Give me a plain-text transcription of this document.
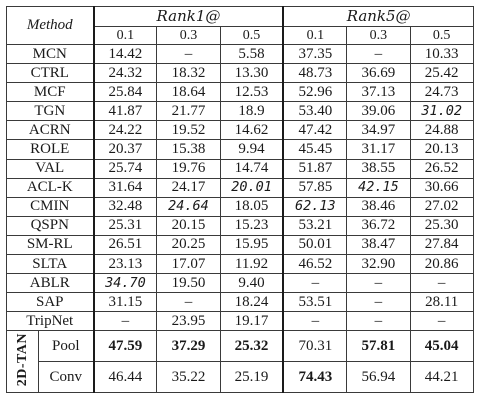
Method		Rank1@			Rank5@		
		0.1	0.3	0.5	0.1	0.3	0.5
MCN		14.42	–	5.58	37.35	–	10.33
CTRL		24.32	18.32	13.30	48.73	36.69	25.42
MCF		25.84	18.64	12.53	52.96	37.13	24.73
TGN		41.87	21.77	18.9	53.40	39.06	31.02
ACRN		24.22	19.52	14.62	47.42	34.97	24.88
ROLE		20.37	15.38	9.94	45.45	31.17	20.13
VAL		25.74	19.76	14.74	51.87	38.55	26.52
ACL-K		31.64	24.17	20.01	57.85	42.15	30.66
CMIN		32.48	24.64	18.05	62.13	38.46	27.02
QSPN		25.31	20.15	15.23	53.21	36.72	25.30
SM-RL		26.51	20.25	15.95	50.01	38.47	27.84
SLTA		23.13	17.07	11.92	46.52	32.90	20.86
ABLR		34.70	19.50	9.40	–	–	–
SAP		31.15	–	18.24	53.51	–	28.11
TripNet		–	23.95	19.17	–	–	–
2D-TAN	Pool	47.59	37.29	25.32	70.31	57.81	45.04
	Conv	46.44	35.22	25.19	74.43	56.94	44.21
